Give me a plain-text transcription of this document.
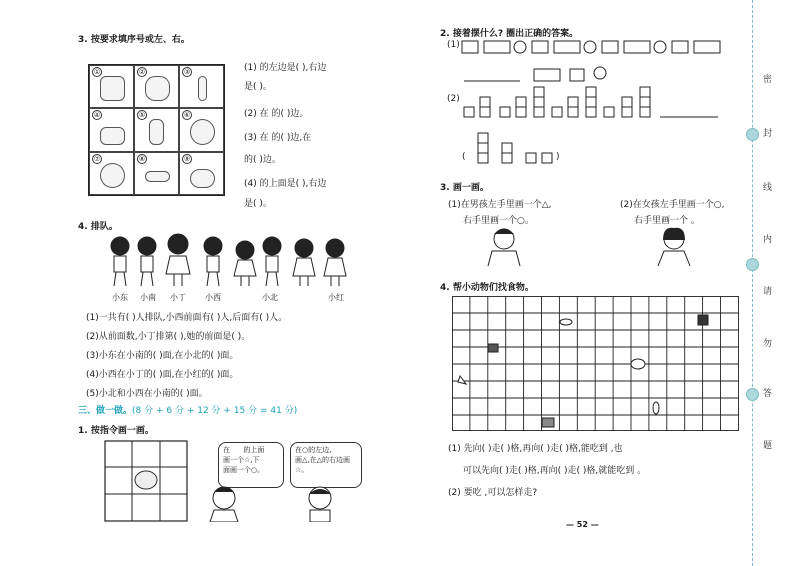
3. 按要求填序号或左、右。
①	②	③
④	⑤	⑥
⑦	⑧	⑨
(1) 的左边是( ),右边
是( )。
(2) 在 的( )边。
(3) 在 的( )边,在
的( )边。
(4) 的上面是( ),右边
是( )。
4. 排队。
小东 小南 小丁 小西	小北	小红
(1)一共有( )人排队,小西前面有( )人,后面有( )人。
(2)从前面数,小丁排第( ),她的前面是( )。
(3)小东在小南的( )面,在小北的( )面。
(4)小西在小丁的( )面,在小红的( )面。
(5)小北和小西在小南的( )面。
三、做一做。(8 分 + 6 分 + 12 分 + 15 分 = 41 分)
1. 按指令画一画。
在      的上面
画一个☆,下
面画一个○。
在○的左边,
画△,在△的右边画☆。
2. 接着摆什么? 圈出正确的答案。
(1)
(2)
(	)
3. 画一画。
(1)在男孩左手里画一个△,
右手里画一个○。
(2)在女孩左手里画一个○,
右手里画一个 。
4. 帮小动物们找食物。
(1) 先向( )走( )格,再向( )走( )格,能吃到 ,也
可以先向( )走( )格,再向( )走( )格,就能吃到 。
(2) 要吃 ,可以怎样走?
— 52 —
密
封
线
内
请
勿
答
题
